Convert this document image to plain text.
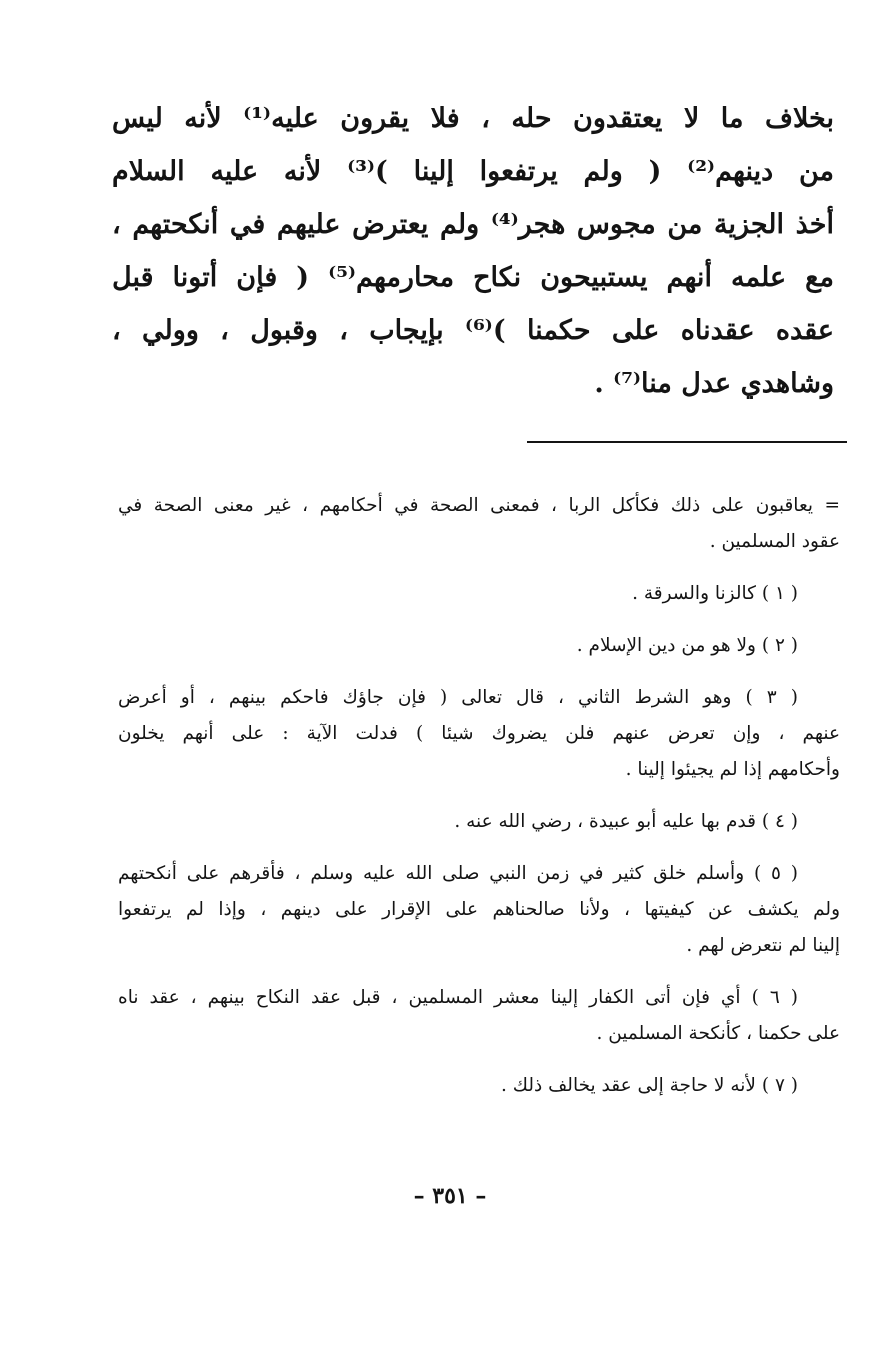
بخلاف ما لا يعتقدون حله ، فلا يقرون عليه⁽¹⁾ لأنه ليس
من دينهم⁽²⁾ ( ولم يرتفعوا إلينا )⁽³⁾ لأنه عليه السلام
أخذ الجزية من مجوس هجر⁽⁴⁾ ولم يعترض عليهم في أنكحتهم ،
مع علمه أنهم يستبيحون نكاح محارمهم⁽⁵⁾ ( فإن أتونا قبل
عقده عقدناه على حكمنا )⁽⁶⁾ بإيجاب ، وقبول ، وولي ،
وشاهدي عدل منا⁽⁷⁾ .
= يعاقبون على ذلك فكأكل الربا ، فمعنى الصحة في أحكامهم ، غير معنى الصحة في
عقود المسلمين .
( ١ ) كالزنا والسرقة .
( ٢ ) ولا هو من دين الإسلام .
( ٣ ) وهو الشرط الثاني ، قال تعالى ( فإن جاؤك فاحكم بينهم ، أو أعرض
عنهم ، وإن تعرض عنهم فلن يضروك شيئا ) فدلت الآية : على أنهم يخلون
وأحكامهم إذا لم يجيئوا إلينا .
( ٤ ) قدم بها عليه أبو عبيدة ، رضي الله عنه .
( ٥ ) وأسلم خلق كثير في زمن النبي صلى الله عليه وسلم ، فأقرهم على أنكحتهم
ولم يكشف عن كيفيتها ، ولأنا صالحناهم على الإقرار على دينهم ، وإذا لم يرتفعوا
إلينا لم نتعرض لهم .
( ٦ ) أي فإن أتى الكفار إلينا معشر المسلمين ، قبل عقد النكاح بينهم ، عقد ناه
على حكمنا ، كأنكحة المسلمين .
( ٧ ) لأنه لا حاجة إلى عقد يخالف ذلك .
– ٣٥١ –
